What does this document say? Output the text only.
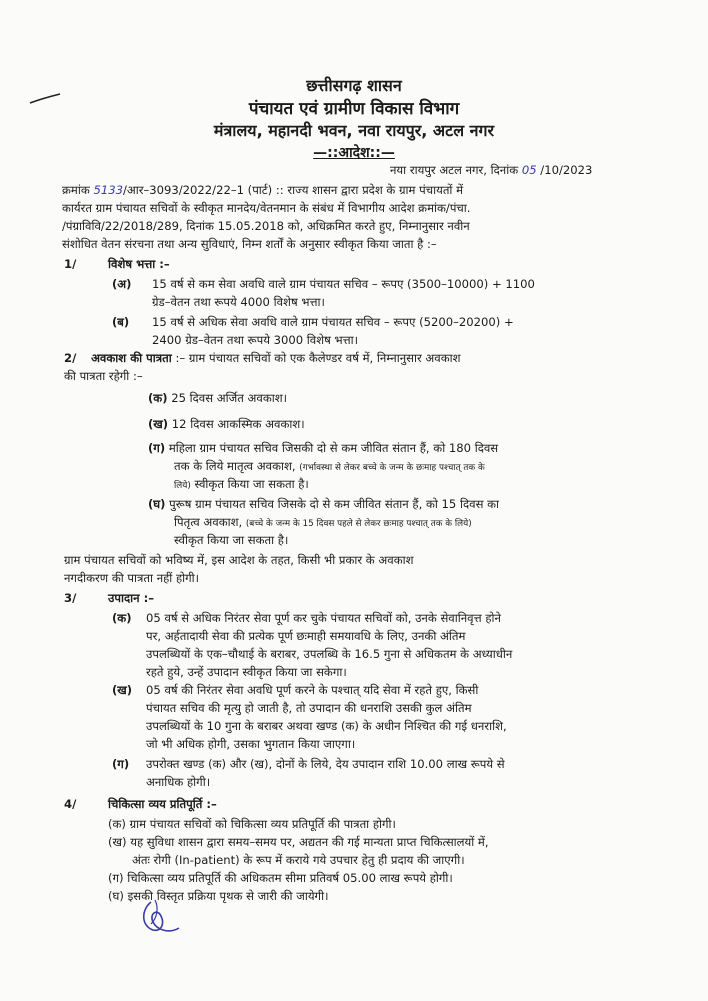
छत्तीसगढ़ शासन
पंचायत एवं ग्रामीण विकास विभाग
मंत्रालय, महानदी भवन, नवा रायपुर, अटल नगर
—::आदेश::—
नया रायपुर अटल नगर, दिनांक 05 /10/2023
क्रमांक 5133/आर–3093/2022/22–1 (पार्ट) :: राज्य शासन द्वारा प्रदेश के ग्राम पंचायतों में
कार्यरत ग्राम पंचायत सचिवों के स्वीकृत मानदेय/वेतनमान के संबंध में विभागीय आदेश क्रमांक/पंचा.
/पंग्राविवि/22/2018/289, दिनांक 15.05.2018 को, अधिक्रमित करते हुए, निम्नानुसार नवीन
संशोधित वेतन संरचना तथा अन्य सुविधाएं, निम्न शर्तों के अनुसार स्वीकृत किया जाता है :–
1/	विशेष भत्ता :–
(अ) 15 वर्ष से कम सेवा अवधि वाले ग्राम पंचायत सचिव – रूपए (3500–10000) + 1100
ग्रेड–वेतन तथा रूपये 4000 विशेष भत्ता।
(ब) 15 वर्ष से अधिक सेवा अवधि वाले ग्राम पंचायत सचिव – रूपए (5200–20200) +
2400 ग्रेड–वेतन तथा रूपये 3000 विशेष भत्ता।
2/ अवकाश की पात्रता :– ग्राम पंचायत सचिवों को एक कैलेण्डर वर्ष में, निम्नानुसार अवकाश
की पात्रता रहेगी :–
(क) 25 दिवस अर्जित अवकाश।
(ख) 12 दिवस आकस्मिक अवकाश।
(ग) महिला ग्राम पंचायत सचिव जिसकी दो से कम जीवित संतान हैं, को 180 दिवस
तक के लिये मातृत्व अवकाश, (गर्भावस्था से लेकर बच्चे के जन्म के छःमाह पश्चात् तक के
लिये) स्वीकृत किया जा सकता है।
(घ) पुरूष ग्राम पंचायत सचिव जिसके दो से कम जीवित संतान हैं, को 15 दिवस का
पितृत्व अवकाश, (बच्चे के जन्म के 15 दिवस पहले से लेकर छःमाह पश्चात् तक के लिये)
स्वीकृत किया जा सकता है।
ग्राम पंचायत सचिवों को भविष्य में, इस आदेश के तहत, किसी भी प्रकार के अवकाश
नगदीकरण की पात्रता नहीं होगी।
3/	उपादान :–
(क) 05 वर्ष से अधिक निरंतर सेवा पूर्ण कर चुके पंचायत सचिवों को, उनके सेवानिवृत्त होने
पर, अर्हतादायी सेवा की प्रत्येक पूर्ण छःमाही समयावधि के लिए, उनकी अंतिम
उपलब्धियों के एक–चौथाई के बराबर, उपलब्धि के 16.5 गुना से अधिकतम के अध्याधीन
रहते हुये, उन्हें उपादान स्वीकृत किया जा सकेगा।
(ख) 05 वर्ष की निरंतर सेवा अवधि पूर्ण करने के पश्चात् यदि सेवा में रहते हुए, किसी
पंचायत सचिव की मृत्यु हो जाती है, तो उपादान की धनराशि उसकी कुल अंतिम
उपलब्धियों के 10 गुना के बराबर अथवा खण्ड (क) के अधीन निश्चित की गई धनराशि,
जो भी अधिक होगी, उसका भुगतान किया जाएगा।
(ग) उपरोक्त खण्ड (क) और (ख), दोनों के लिये, देय उपादान राशि 10.00 लाख रूपये से
अनाधिक होगी।
4/	चिकित्सा व्यय प्रतिपूर्ति :–
(क) ग्राम पंचायत सचिवों को चिकित्सा व्यय प्रतिपूर्ति की पात्रता होगी।
(ख) यह सुविधा शासन द्वारा समय–समय पर, अद्यतन की गई मान्यता प्राप्त चिकित्सालयों में,
अंतः रोगी (In-patient) के रूप में कराये गये उपचार हेतु ही प्रदाय की जाएगी।
(ग) चिकित्सा व्यय प्रतिपूर्ति की अधिकतम सीमा प्रतिवर्ष 05.00 लाख रूपये होगी।
(घ) इसकी विस्तृत प्रक्रिया पृथक से जारी की जायेगी।
